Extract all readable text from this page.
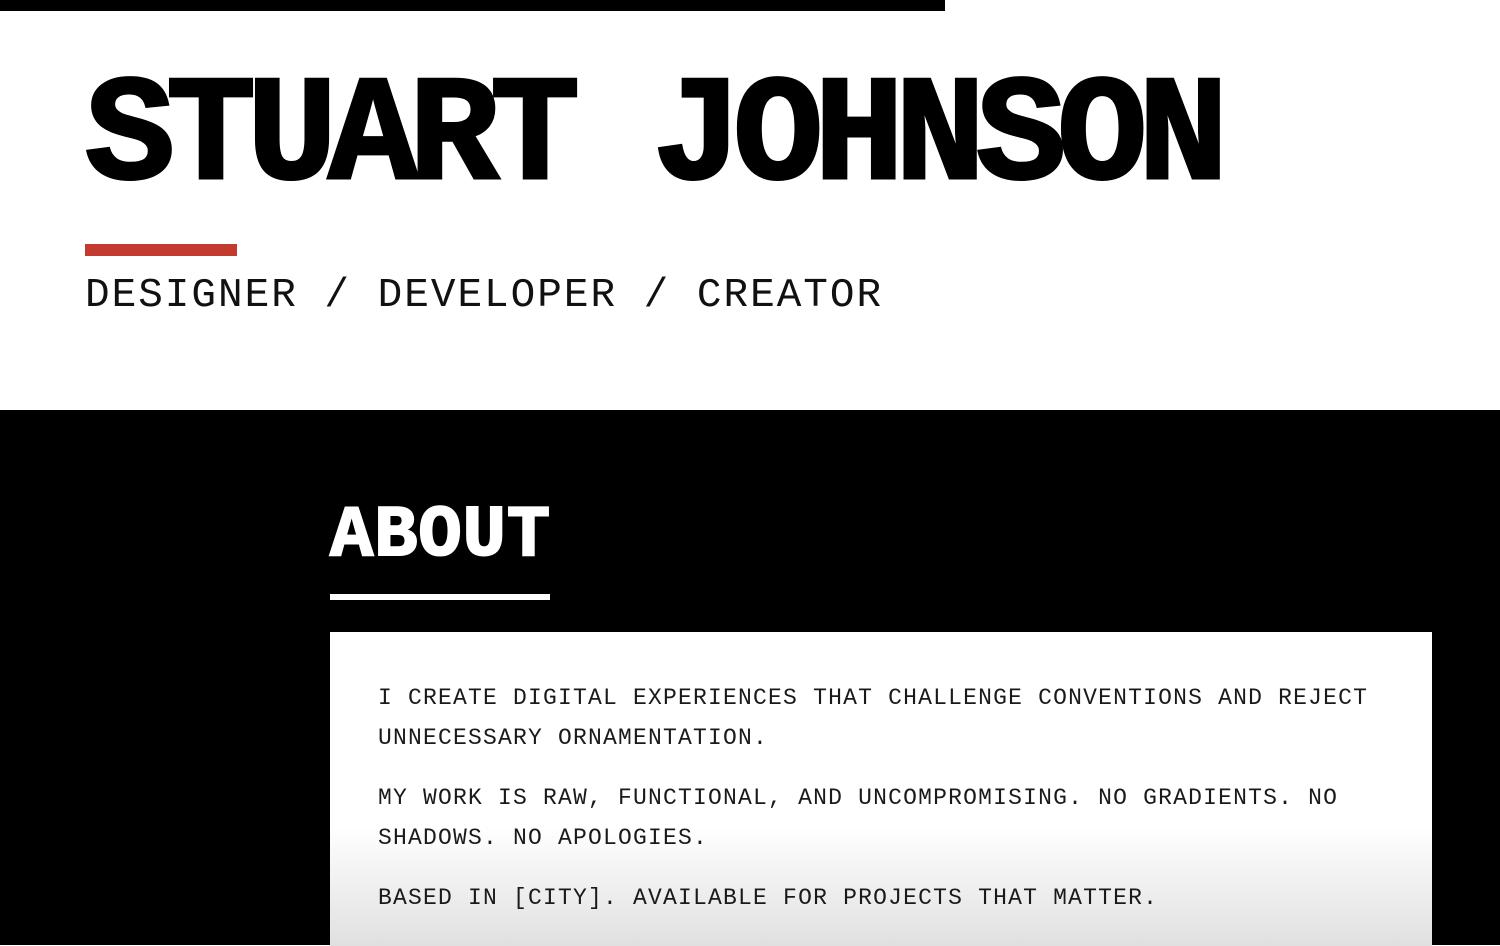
STUART JOHNSON

DESIGNER / DEVELOPER / CREATOR

ABOUT

I CREATE DIGITAL EXPERIENCES THAT CHALLENGE CONVENTIONS AND REJECT UNNECESSARY ORNAMENTATION.

MY WORK IS RAW, FUNCTIONAL, AND UNCOMPROMISING. NO GRADIENTS. NO SHADOWS. NO APOLOGIES.

BASED IN [CITY]. AVAILABLE FOR PROJECTS THAT MATTER.
